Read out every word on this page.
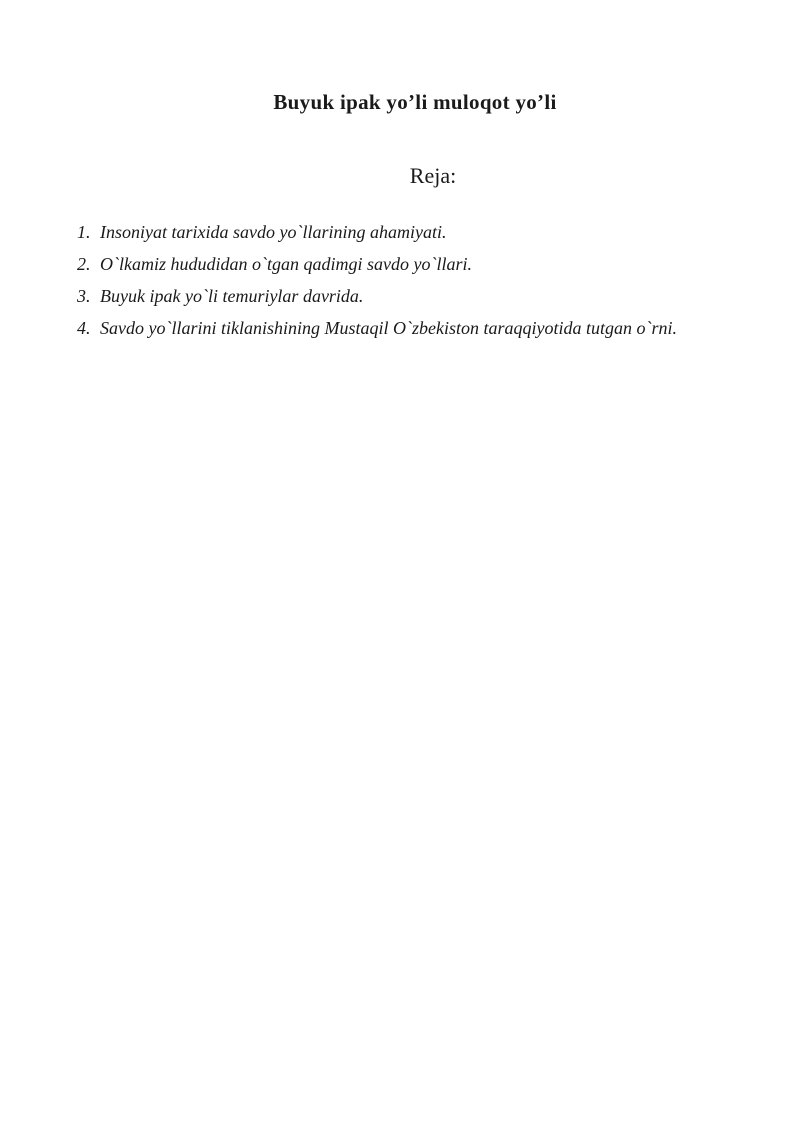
Buyuk ipak yo’li muloqot yo’li
Reja:
1. Insoniyat tarixida savdo yo`llarining ahamiyati.
2. O`lkamiz hududidan o`tgan qadimgi savdo yo`llari.
3. Buyuk ipak yo`li temuriylar davrida.
4. Savdo yo`llarini tiklanishining Mustaqil O`zbekiston taraqqiyotida tutgan o`rni.
